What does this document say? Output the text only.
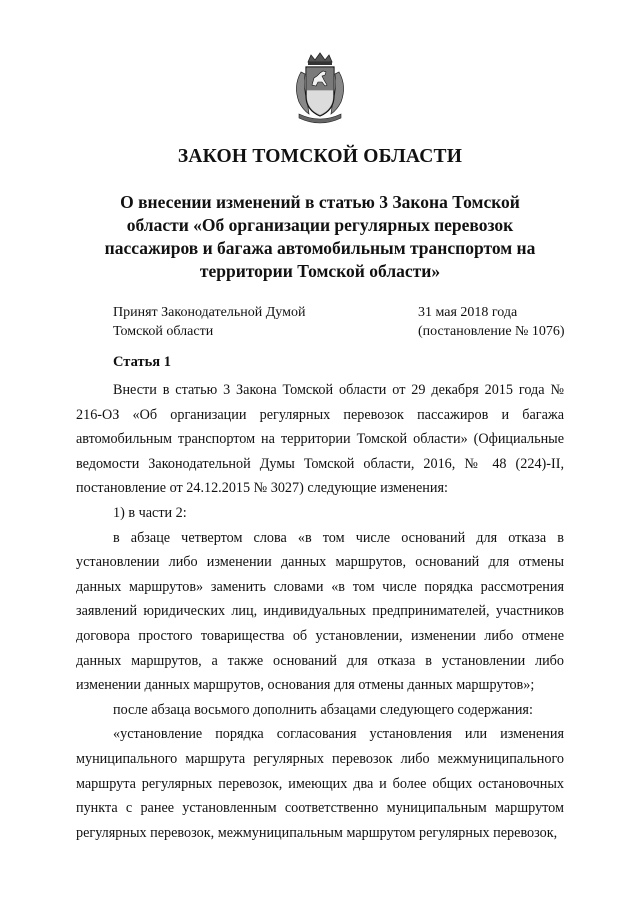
ЗАКОН ТОМСКОЙ ОБЛАСТИ
О внесении изменений в статью 3 Закона Томской области «Об организации регулярных перевозок пассажиров и багажа автомобильным транспортом на территории Томской области»
Принят Законодательной Думой
Томской области
31 мая 2018 года
(постановление № 1076)
Статья 1

Внести в статью 3 Закона Томской области от 29 декабря 2015 года № 216-ОЗ «Об организации регулярных перевозок пассажиров и багажа автомобильным транспортом на территории Томской области» (Официальные ведомости Законодательной Думы Томской области, 2016, № 48 (224)-II, постановление от 24.12.2015 № 3027) следующие изменения:

1) в части 2:

в абзаце четвертом слова «в том числе оснований для отказа в установлении либо изменении данных маршрутов, оснований для отмены данных маршрутов» заменить словами «в том числе порядка рассмотрения заявлений юридических лиц, индивидуальных предпринимателей, участников договора простого товарищества об установлении, изменении либо отмене данных маршрутов, а также оснований для отказа в установлении либо изменении данных маршрутов, основания для отмены данных маршрутов»;

после абзаца восьмого дополнить абзацами следующего содержания:

«установление порядка согласования установления или изменения муниципального маршрута регулярных перевозок либо межмуниципального маршрута регулярных перевозок, имеющих два и более общих остановочных пункта с ранее установленным соответственно муниципальным маршрутом регулярных перевозок, межмуниципальным маршрутом регулярных перевозок,
